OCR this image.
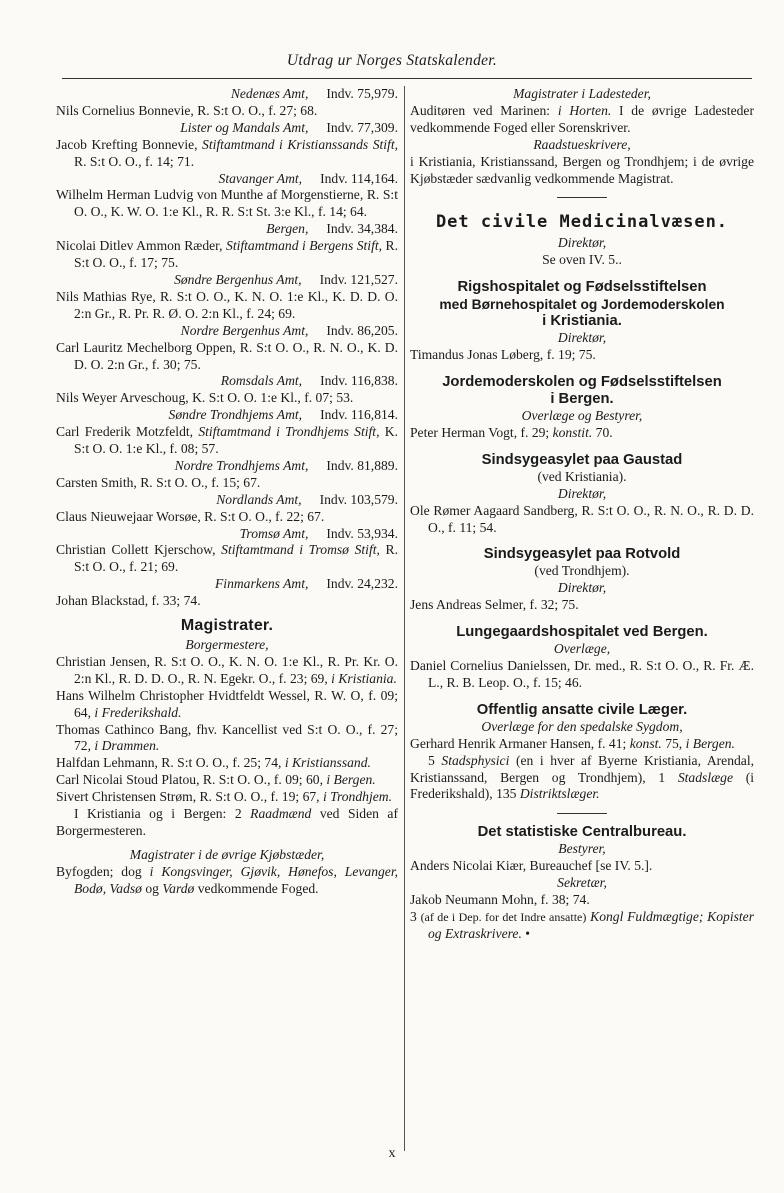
Utdrag ur Norges Statskalender.

Nedenæs Amt, Indv. 75,979.

Nils Cornelius Bonnevie, R. S:t O. O., f. 27; 68.

Lister og Mandals Amt, Indv. 77,309.

Jacob Krefting Bonnevie, Stiftamtmand i Kristianssands Stift, R. S:t O. O., f. 14; 71.

Stavanger Amt, Indv. 114,164.

Wilhelm Herman Ludvig von Munthe af Morgenstierne, R. S:t O. O., K. W. O. 1:e Kl., R. R. S:t St. 3:e Kl., f. 14; 64.

Bergen, Indv. 34,384.

Nicolai Ditlev Ammon Ræder, Stiftamtmand i Bergens Stift, R. S:t O. O., f. 17; 75.

Søndre Bergenhus Amt, Indv. 121,527.

Nils Mathias Rye, R. S:t O. O., K. N. O. 1:e Kl., K. D. D. O. 2:n Gr., R. Pr. R. Ø. O. 2:n Kl., f. 24; 69.

Nordre Bergenhus Amt, Indv. 86,205.

Carl Lauritz Mechelborg Oppen, R. S:t O. O., R. N. O., K. D. D. O. 2:n Gr., f. 30; 75.

Romsdals Amt, Indv. 116,838.

Nils Weyer Arveschoug, K. S:t O. O. 1:e Kl., f. 07; 53.

Søndre Trondhjems Amt, Indv. 116,814.

Carl Frederik Motzfeldt, Stiftamtmand i Trondhjems Stift, K. S:t O. O. 1:e Kl., f. 08; 57.

Nordre Trondhjems Amt, Indv. 81,889.

Carsten Smith, R. S:t O. O., f. 15; 67.

Nordlands Amt, Indv. 103,579.

Claus Nieuwejaar Worsøe, R. S:t O. O., f. 22; 67.

Tromsø Amt, Indv. 53,934.

Christian Collett Kjerschow, Stiftamtmand i Tromsø Stift, R. S:t O. O., f. 21; 69.

Finmarkens Amt, Indv. 24,232.

Johan Blackstad, f. 33; 74.

Magistrater.

Borgermestere,

Christian Jensen, R. S:t O. O., K. N. O. 1:e Kl., R. Pr. Kr. O. 2:n Kl., R. D. D. O., R. N. Egekr. O., f. 23; 69, i Kristiania.

Hans Wilhelm Christopher Hvidtfeldt Wessel, R. W. O, f. 09; 64, i Frederikshald.

Thomas Cathinco Bang, fhv. Kancellist ved S:t O. O., f. 27; 72, i Drammen.

Halfdan Lehmann, R. S:t O. O., f. 25; 74, i Kristianssand.

Carl Nicolai Stoud Platou, R. S:t O. O., f. 09; 60, i Bergen.

Sivert Christensen Strøm, R. S:t O. O., f. 19; 67, i Trondhjem.

I Kristiania og i Bergen: 2 Raadmænd ved Siden af Borgermesteren.

Magistrater i de øvrige Kjøbstæder,

Byfogden; dog i Kongsvinger, Gjøvik, Hønefos, Levanger, Bodø, Vadsø og Vardø vedkommende Foged.

Magistrater i Ladesteder,

Auditøren ved Marinen: i Horten. I de øvrige Ladesteder vedkommende Foged eller Sorenskriver.

Raadstueskrivere,

i Kristiania, Kristianssand, Bergen og Trondhjem; i de øvrige Kjøbstæder sædvanlig vedkommende Magistrat.

Det civile Medicinalvæsen.

Direktør,

Se oven IV. 5..

Rigshospitalet og Fødselsstiftelsen
med Børnehospitalet og Jordemoderskolen
i Kristiania.

Direktør,

Timandus Jonas Løberg, f. 19; 75.

Jordemoderskolen og Fødselsstiftelsen
i Bergen.

Overlæge og Bestyrer,

Peter Herman Vogt, f. 29; konstit. 70.

Sindsygeasylet paa Gaustad

(ved Kristiania).

Direktør,

Ole Rømer Aagaard Sandberg, R. S:t O. O., R. N. O., R. D. D. O., f. 11; 54.

Sindsygeasylet paa Rotvold

(ved Trondhjem).

Direktør,

Jens Andreas Selmer, f. 32; 75.

Lungegaardshospitalet ved Bergen.

Overlæge,

Daniel Cornelius Danielssen, Dr. med., R. S:t O. O., R. Fr. Æ. L., R. B. Leop. O., f. 15; 46.

Offentlig ansatte civile Læger.

Overlæge for den spedalske Sygdom,

Gerhard Henrik Armaner Hansen, f. 41; konst. 75, i Bergen.

5 Stadsphysici (en i hver af Byerne Kristiania, Arendal, Kristianssand, Bergen og Trondhjem), 1 Stadslæge (i Frederikshald), 135 Distriktslæger.

Det statistiske Centralbureau.

Bestyrer,

Anders Nicolai Kiær, Bureauchef [se IV. 5.].

Sekretær,

Jakob Neumann Mohn, f. 38; 74.

3 (af de i Dep. for det Indre ansatte) Kongl Fuldmægtige; Kopister og Extraskrivere. •

x
